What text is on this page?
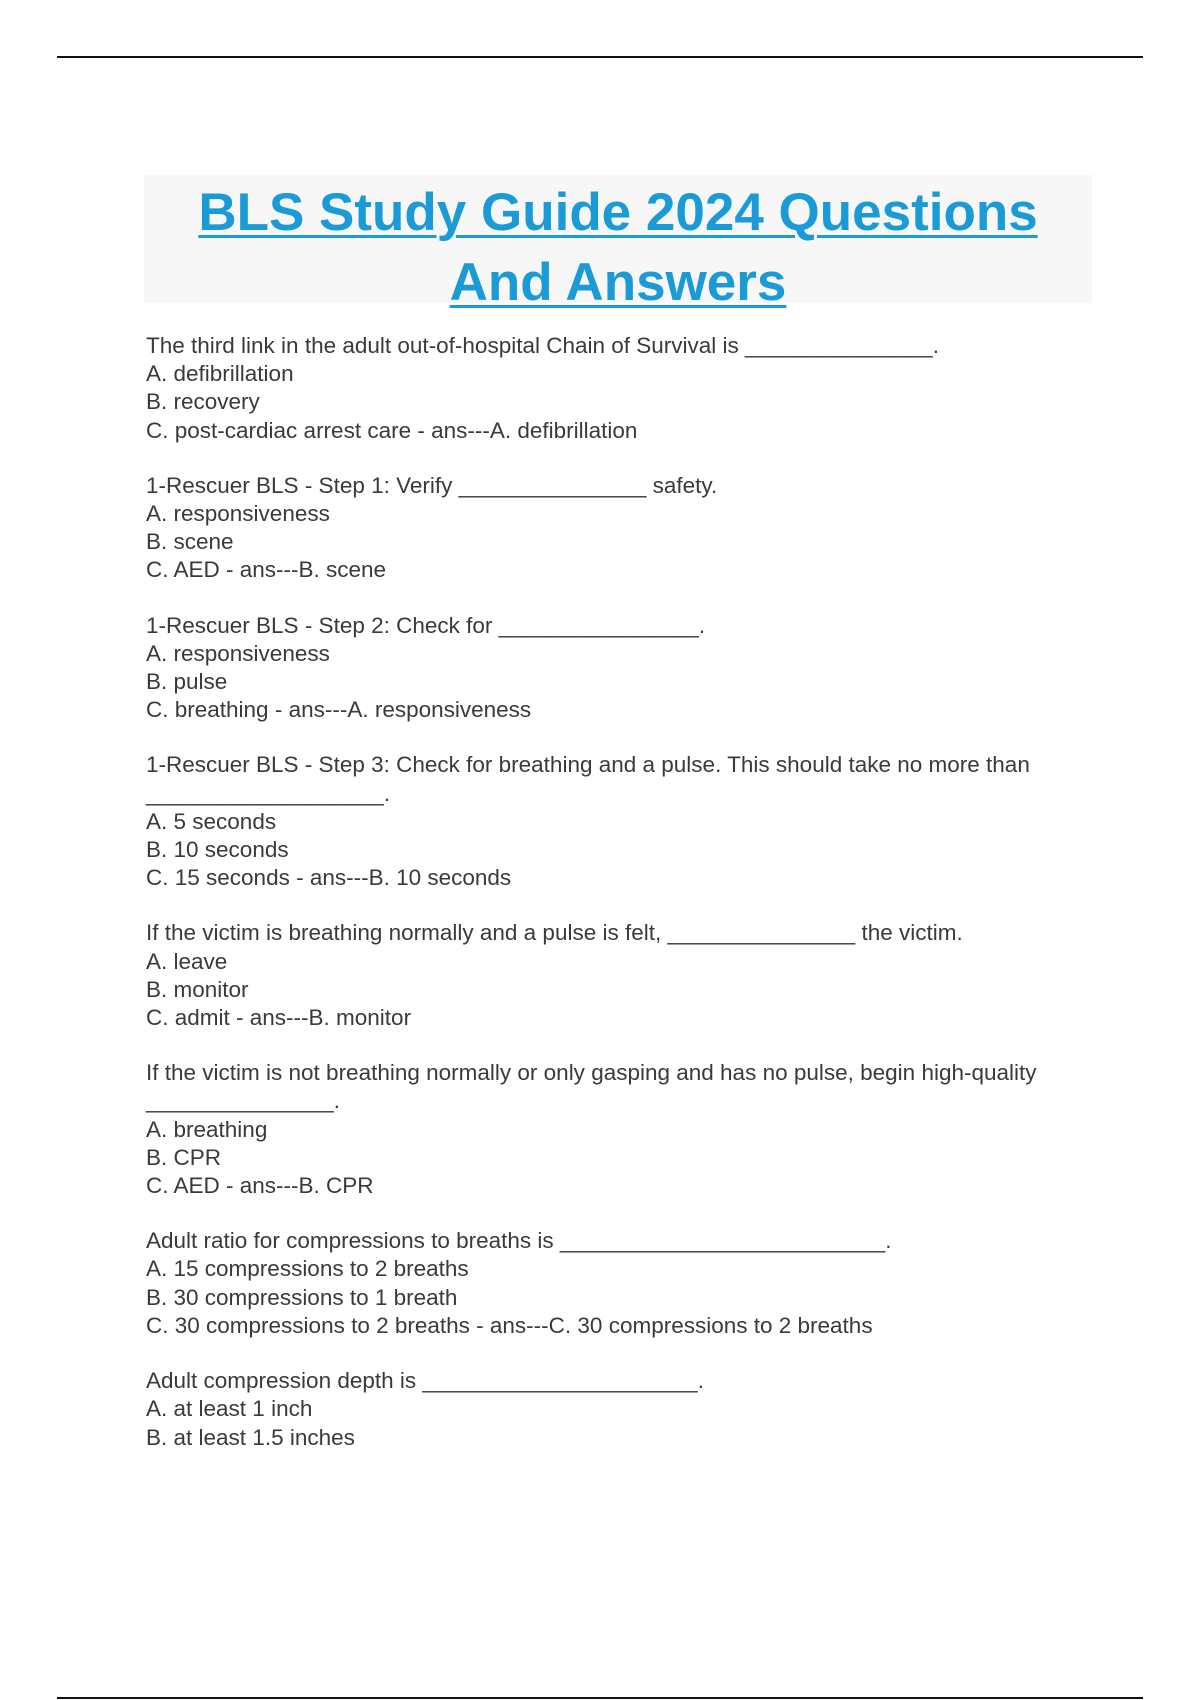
BLS Study Guide 2024 Questions
And Answers

The third link in the adult out-of-hospital Chain of Survival is _______________.

A. defibrillation

B. recovery

C. post-cardiac arrest care - ans---A. defibrillation

1-Rescuer BLS - Step 1: Verify _______________ safety.

A. responsiveness

B. scene

C. AED - ans---B. scene

1-Rescuer BLS - Step 2: Check for ________________.

A. responsiveness

B. pulse

C. breathing - ans---A. responsiveness

1-Rescuer BLS - Step 3: Check for breathing and a pulse. This should take no more than ___________________.

A. 5 seconds

B. 10 seconds

C. 15 seconds - ans---B. 10 seconds

If the victim is breathing normally and a pulse is felt, _______________ the victim.

A. leave

B. monitor

C. admit - ans---B. monitor

If the victim is not breathing normally or only gasping and has no pulse, begin high-quality _______________.

A. breathing

B. CPR

C. AED - ans---B. CPR

Adult ratio for compressions to breaths is __________________________.

A. 15 compressions to 2 breaths

B. 30 compressions to 1 breath

C. 30 compressions to 2 breaths - ans---C. 30 compressions to 2 breaths

Adult compression depth is ______________________.

A. at least 1 inch

B. at least 1.5 inches
